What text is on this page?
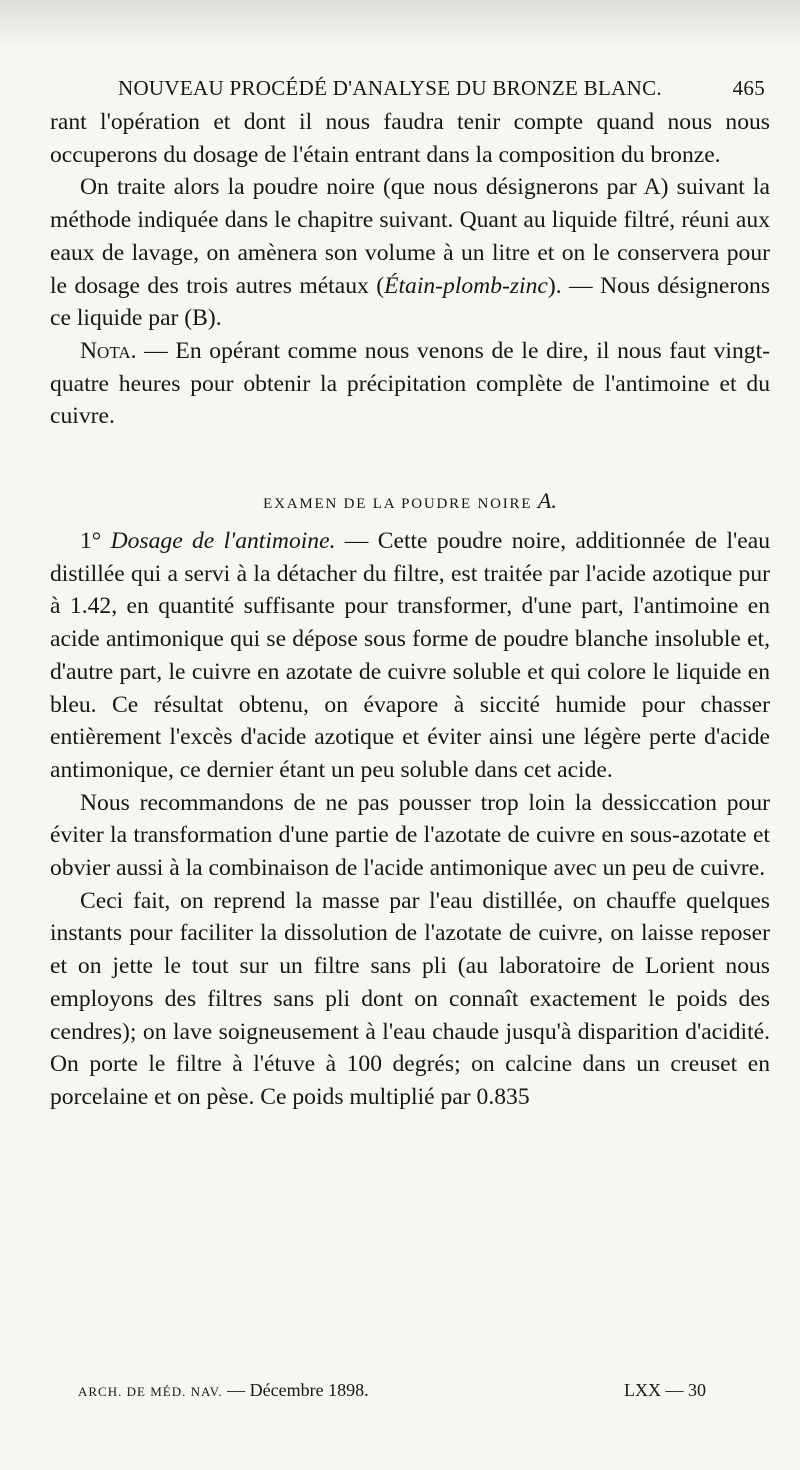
NOUVEAU PROCÉDÉ D'ANALYSE DU BRONZE BLANC.	465

rant l'opération et dont il nous faudra tenir compte quand nous nous occuperons du dosage de l'étain entrant dans la composition du bronze.

On traite alors la poudre noire (que nous désignerons par A) suivant la méthode indiquée dans le chapitre suivant. Quant au liquide filtré, réuni aux eaux de lavage, on amènera son volume à un litre et on le conservera pour le dosage des trois autres métaux (Étain-plomb-zinc). — Nous désignerons ce liquide par (B).

Nota. — En opérant comme nous venons de le dire, il nous faut vingt-quatre heures pour obtenir la précipitation complète de l'antimoine et du cuivre.

EXAMEN DE LA POUDRE NOIRE A.

1° Dosage de l'antimoine. — Cette poudre noire, additionnée de l'eau distillée qui a servi à la détacher du filtre, est traitée par l'acide azotique pur à 1.42, en quantité suffisante pour transformer, d'une part, l'antimoine en acide antimonique qui se dépose sous forme de poudre blanche insoluble et, d'autre part, le cuivre en azotate de cuivre soluble et qui colore le liquide en bleu. Ce résultat obtenu, on évapore à siccité humide pour chasser entièrement l'excès d'acide azotique et éviter ainsi une légère perte d'acide antimonique, ce dernier étant un peu soluble dans cet acide.

Nous recommandons de ne pas pousser trop loin la dessiccation pour éviter la transformation d'une partie de l'azotate de cuivre en sous-azotate et obvier aussi à la combinaison de l'acide antimonique avec un peu de cuivre.

Ceci fait, on reprend la masse par l'eau distillée, on chauffe quelques instants pour faciliter la dissolution de l'azotate de cuivre, on laisse reposer et on jette le tout sur un filtre sans pli (au laboratoire de Lorient nous employons des filtres sans pli dont on connaît exactement le poids des cendres); on lave soigneusement à l'eau chaude jusqu'à disparition d'acidité. On porte le filtre à l'étuve à 100 degrés; on calcine dans un creuset en porcelaine et on pèse. Ce poids multiplié par 0.835

ARCH. DE MÉD. NAV. — Décembre 1898.	LXX — 30
